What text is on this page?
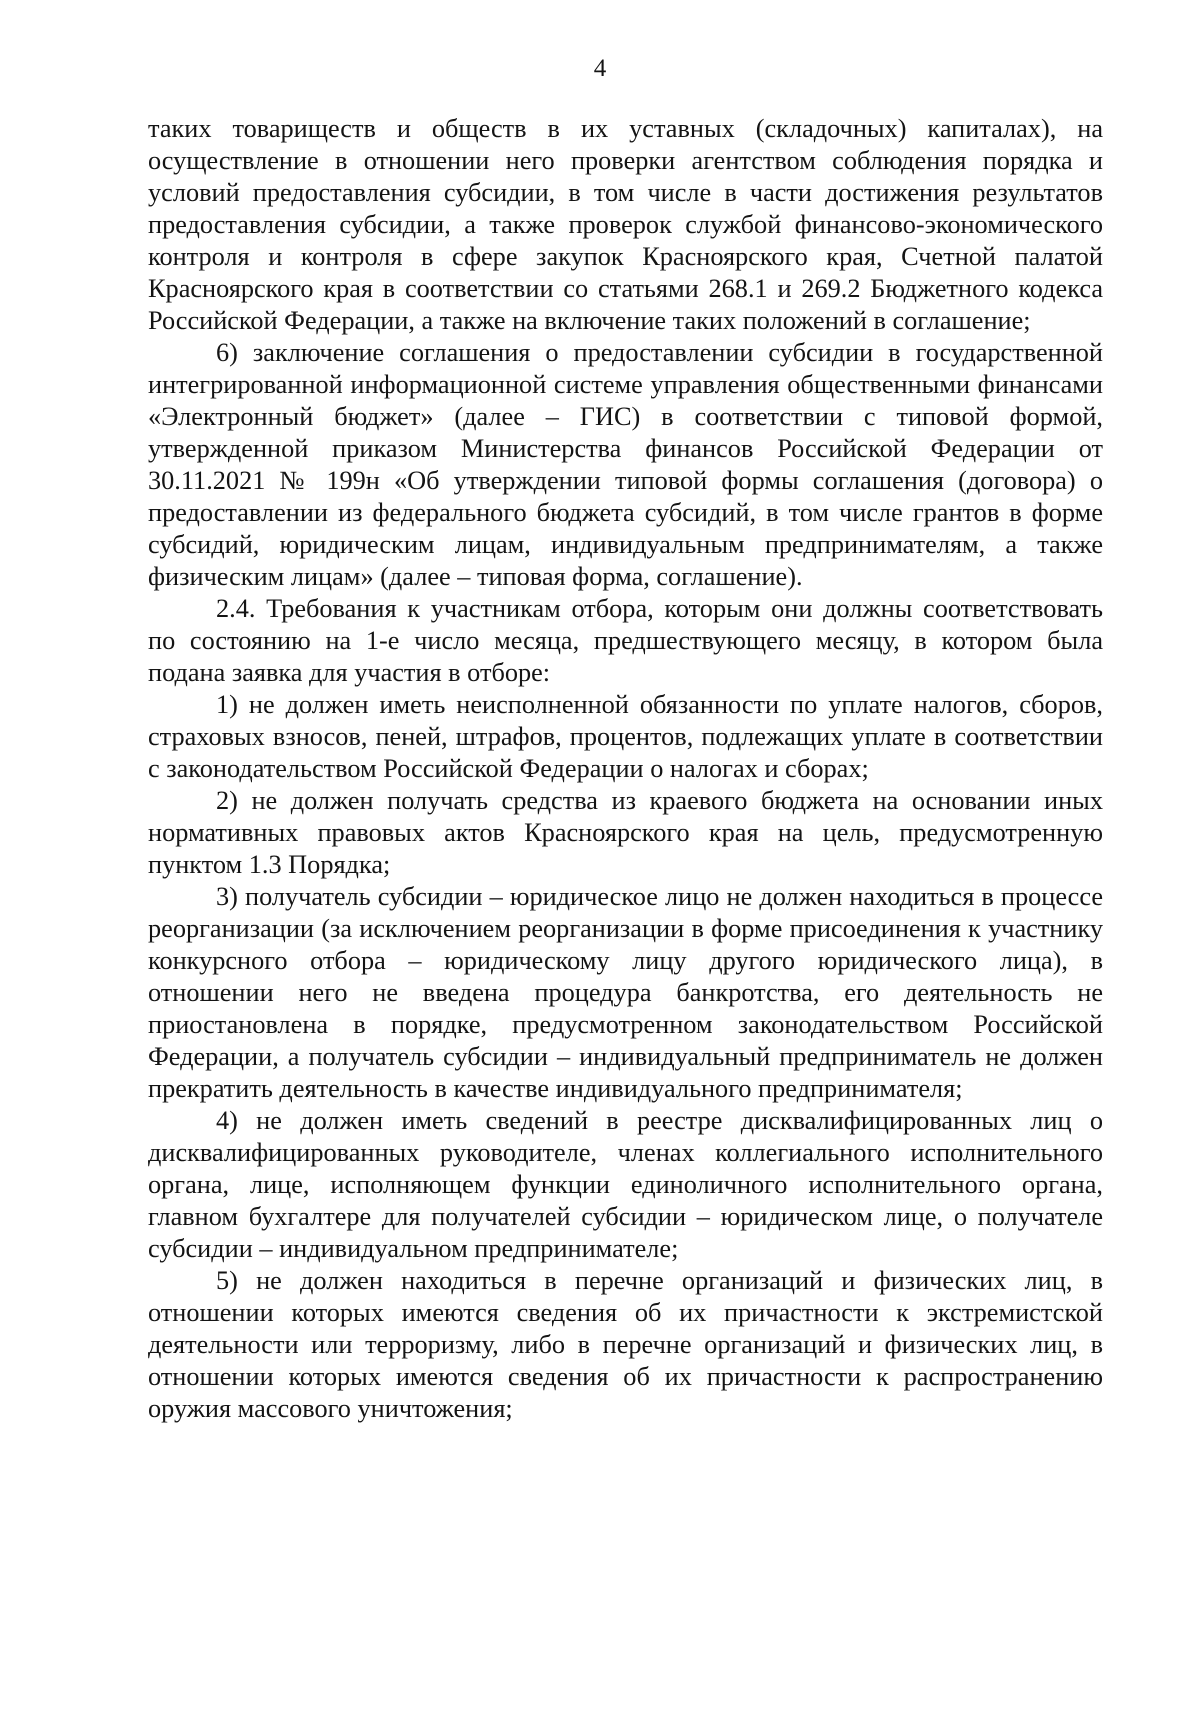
4

таких товариществ и обществ в их уставных (складочных) капиталах), на осуществление в отношении него проверки агентством соблюдения порядка и условий предоставления субсидии, в том числе в части достижения результатов предоставления субсидии, а также проверок службой финансово-экономического контроля и контроля в сфере закупок Красноярского края, Счетной палатой Красноярского края в соответствии со статьями 268.1 и 269.2 Бюджетного кодекса Российской Федерации, а также на включение таких положений в соглашение;

6) заключение соглашения о предоставлении субсидии в государственной интегрированной информационной системе управления общественными финансами «Электронный бюджет» (далее – ГИС) в соответствии с типовой формой, утвержденной приказом Министерства финансов Российской Федерации от 30.11.2021 № 199н «Об утверждении типовой формы соглашения (договора) о предоставлении из федерального бюджета субсидий, в том числе грантов в форме субсидий, юридическим лицам, индивидуальным предпринимателям, а также физическим лицам» (далее – типовая форма, соглашение).

2.4. Требования к участникам отбора, которым они должны соответствовать по состоянию на 1-е число месяца, предшествующего месяцу, в котором была подана заявка для участия в отборе:

1) не должен иметь неисполненной обязанности по уплате налогов, сборов, страховых взносов, пеней, штрафов, процентов, подлежащих уплате в соответствии с законодательством Российской Федерации о налогах и сборах;

2) не должен получать средства из краевого бюджета на основании иных нормативных правовых актов Красноярского края на цель, предусмотренную пунктом 1.3 Порядка;

3) получатель субсидии – юридическое лицо не должен находиться в процессе реорганизации (за исключением реорганизации в форме присоединения к участнику конкурсного отбора – юридическому лицу другого юридического лица), в отношении него не введена процедура банкротства, его деятельность не приостановлена в порядке, предусмотренном законодательством Российской Федерации, а получатель субсидии – индивидуальный предприниматель не должен прекратить деятельность в качестве индивидуального предпринимателя;

4) не должен иметь сведений в реестре дисквалифицированных лиц о дисквалифицированных руководителе, членах коллегиального исполнительного органа, лице, исполняющем функции единоличного исполнительного органа, главном бухгалтере для получателей субсидии – юридическом лице, о получателе субсидии – индивидуальном предпринимателе;

5) не должен находиться в перечне организаций и физических лиц, в отношении которых имеются сведения об их причастности к экстремистской деятельности или терроризму, либо в перечне организаций и физических лиц, в отношении которых имеются сведения об их причастности к распространению оружия массового уничтожения;
